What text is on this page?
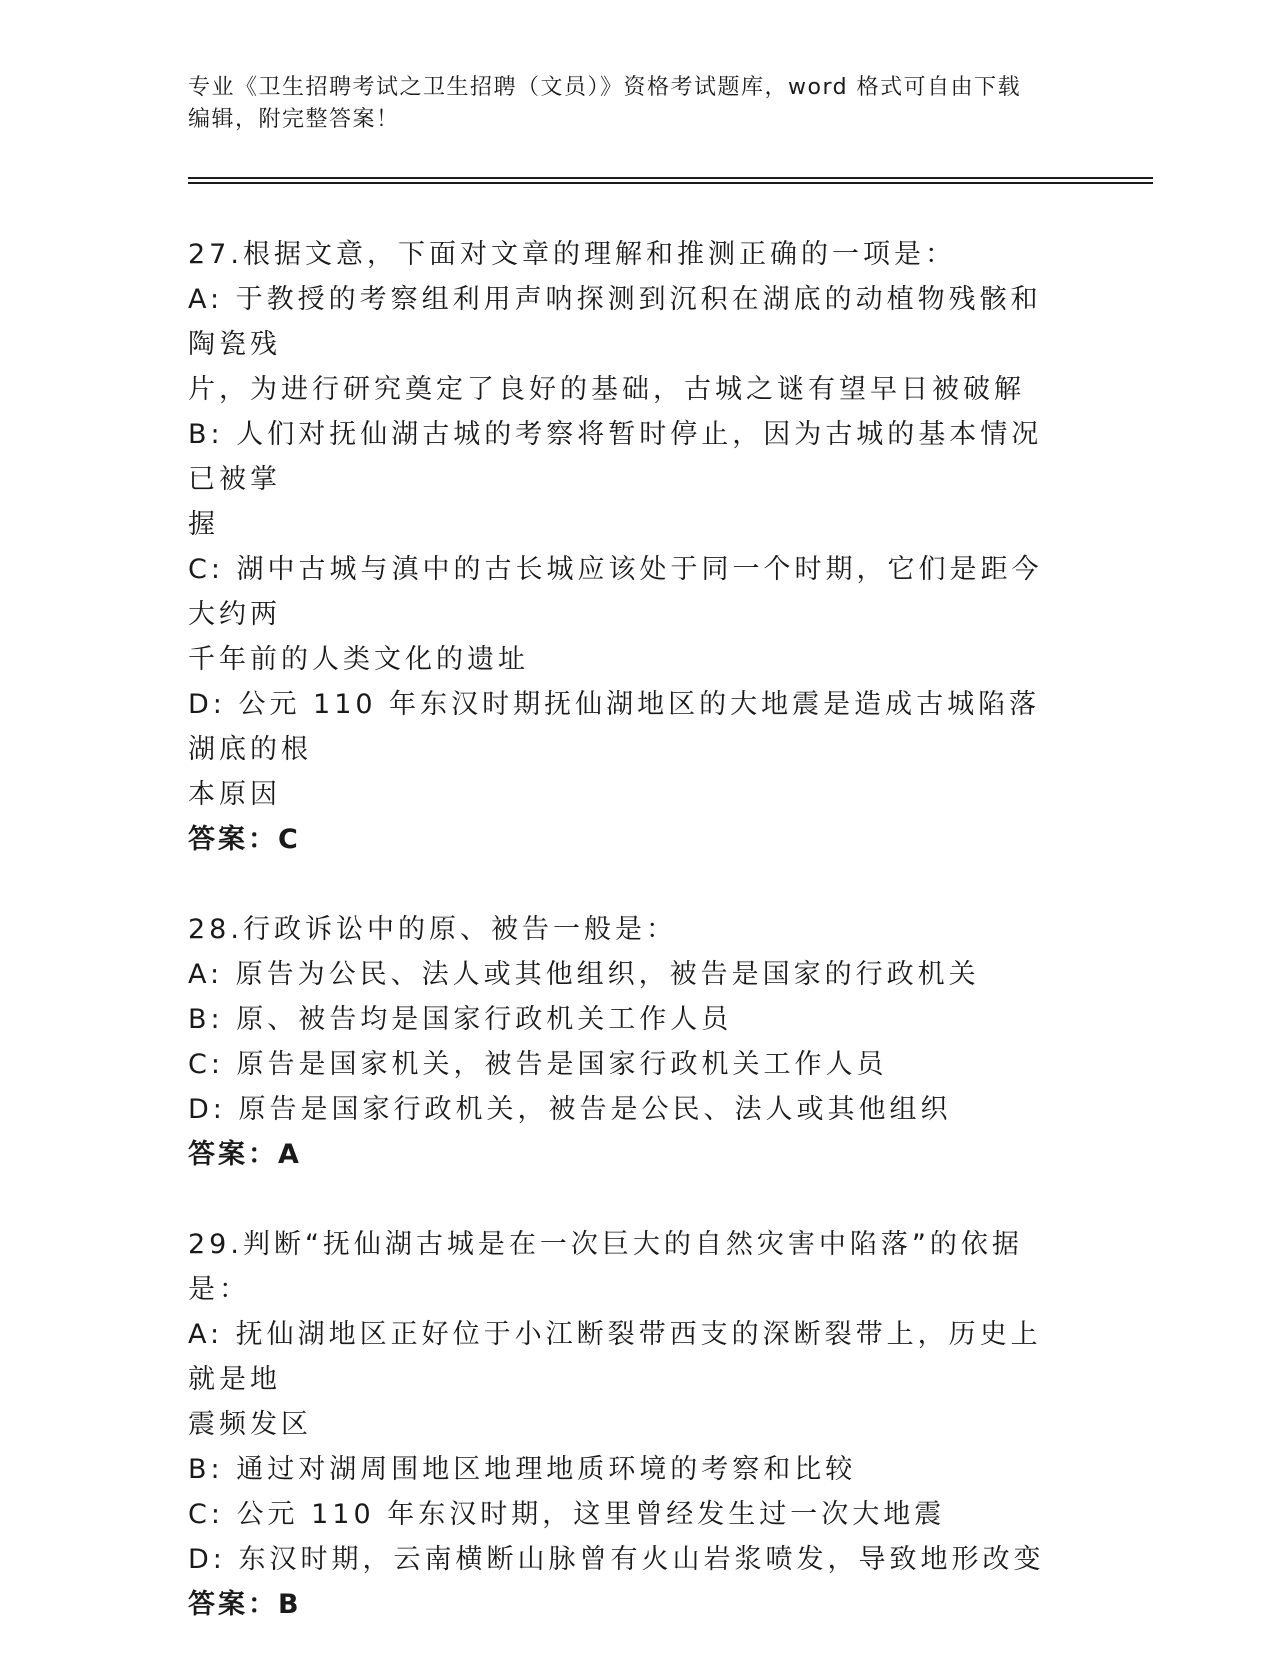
专业《卫生招聘考试之卫生招聘（文员）》资格考试题库，word 格式可自由下载
编辑，附完整答案！
27.根据文意，下面对文章的理解和推测正确的一项是：
A: 于教授的考察组利用声呐探测到沉积在湖底的动植物残骸和陶瓷残
片，为进行研究奠定了良好的基础，古城之谜有望早日被破解
B: 人们对抚仙湖古城的考察将暂时停止，因为古城的基本情况已被掌
握
C: 湖中古城与滇中的古长城应该处于同一个时期，它们是距今大约两
千年前的人类文化的遗址
D: 公元 110 年东汉时期抚仙湖地区的大地震是造成古城陷落湖底的根
本原因
答案：C
28.行政诉讼中的原、被告一般是：
A: 原告为公民、法人或其他组织，被告是国家的行政机关
B: 原、被告均是国家行政机关工作人员
C: 原告是国家机关，被告是国家行政机关工作人员
D: 原告是国家行政机关，被告是公民、法人或其他组织
答案：A
29.判断“抚仙湖古城是在一次巨大的自然灾害中陷落”的依据是：
A: 抚仙湖地区正好位于小江断裂带西支的深断裂带上，历史上就是地
震频发区
B: 通过对湖周围地区地理地质环境的考察和比较
C: 公元 110 年东汉时期，这里曾经发生过一次大地震
D: 东汉时期，云南横断山脉曾有火山岩浆喷发，导致地形改变
答案：B
